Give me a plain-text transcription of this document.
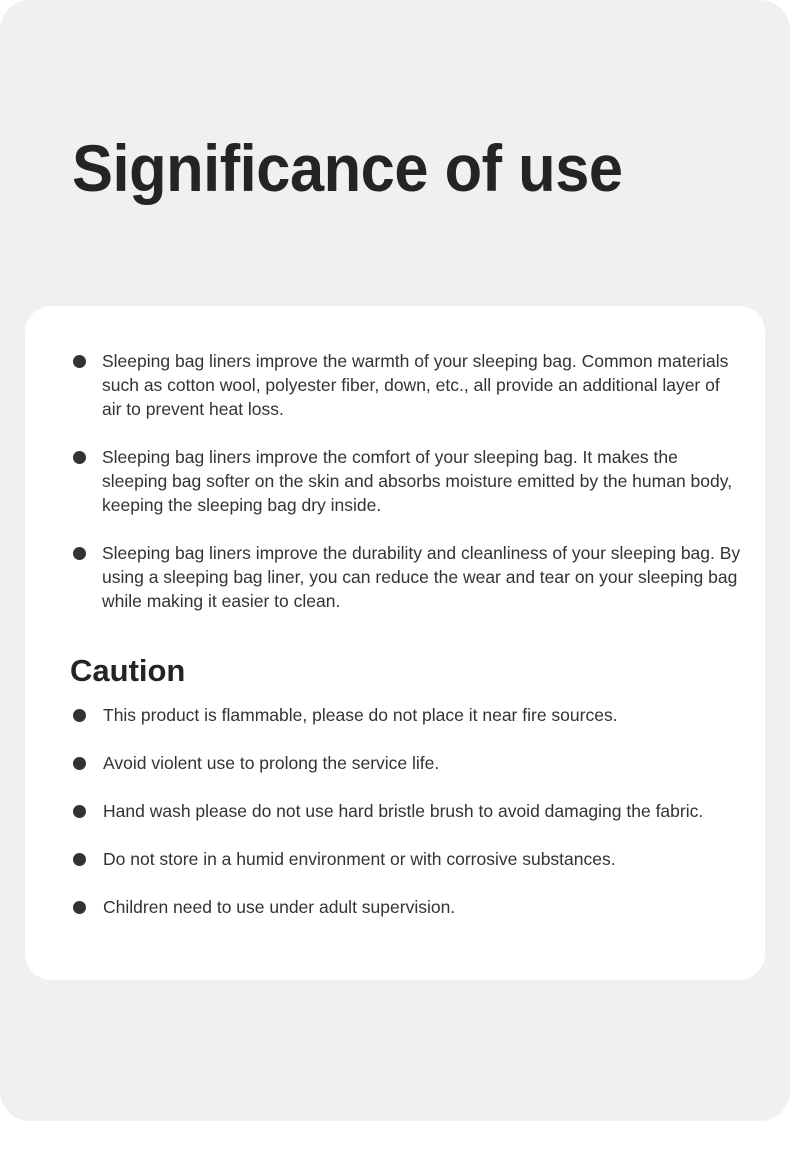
Significance of use
Sleeping bag liners improve the warmth of your sleeping bag. Common materials such as cotton wool, polyester fiber, down, etc., all provide an additional layer of air to prevent heat loss.
Sleeping bag liners improve the comfort of your sleeping bag. It makes the sleeping bag softer on the skin and absorbs moisture emitted by the human body, keeping the sleeping bag dry inside.
Sleeping bag liners improve the durability and cleanliness of your sleeping bag. By using a sleeping bag liner, you can reduce the wear and tear on your sleeping bag while making it easier to clean.
Caution
This product is flammable, please do not place it near fire sources.
Avoid violent use to prolong the service life.
Hand wash please do not use hard bristle brush to avoid damaging the fabric.
Do not store in a humid environment or with corrosive substances.
Children need to use under adult supervision.
